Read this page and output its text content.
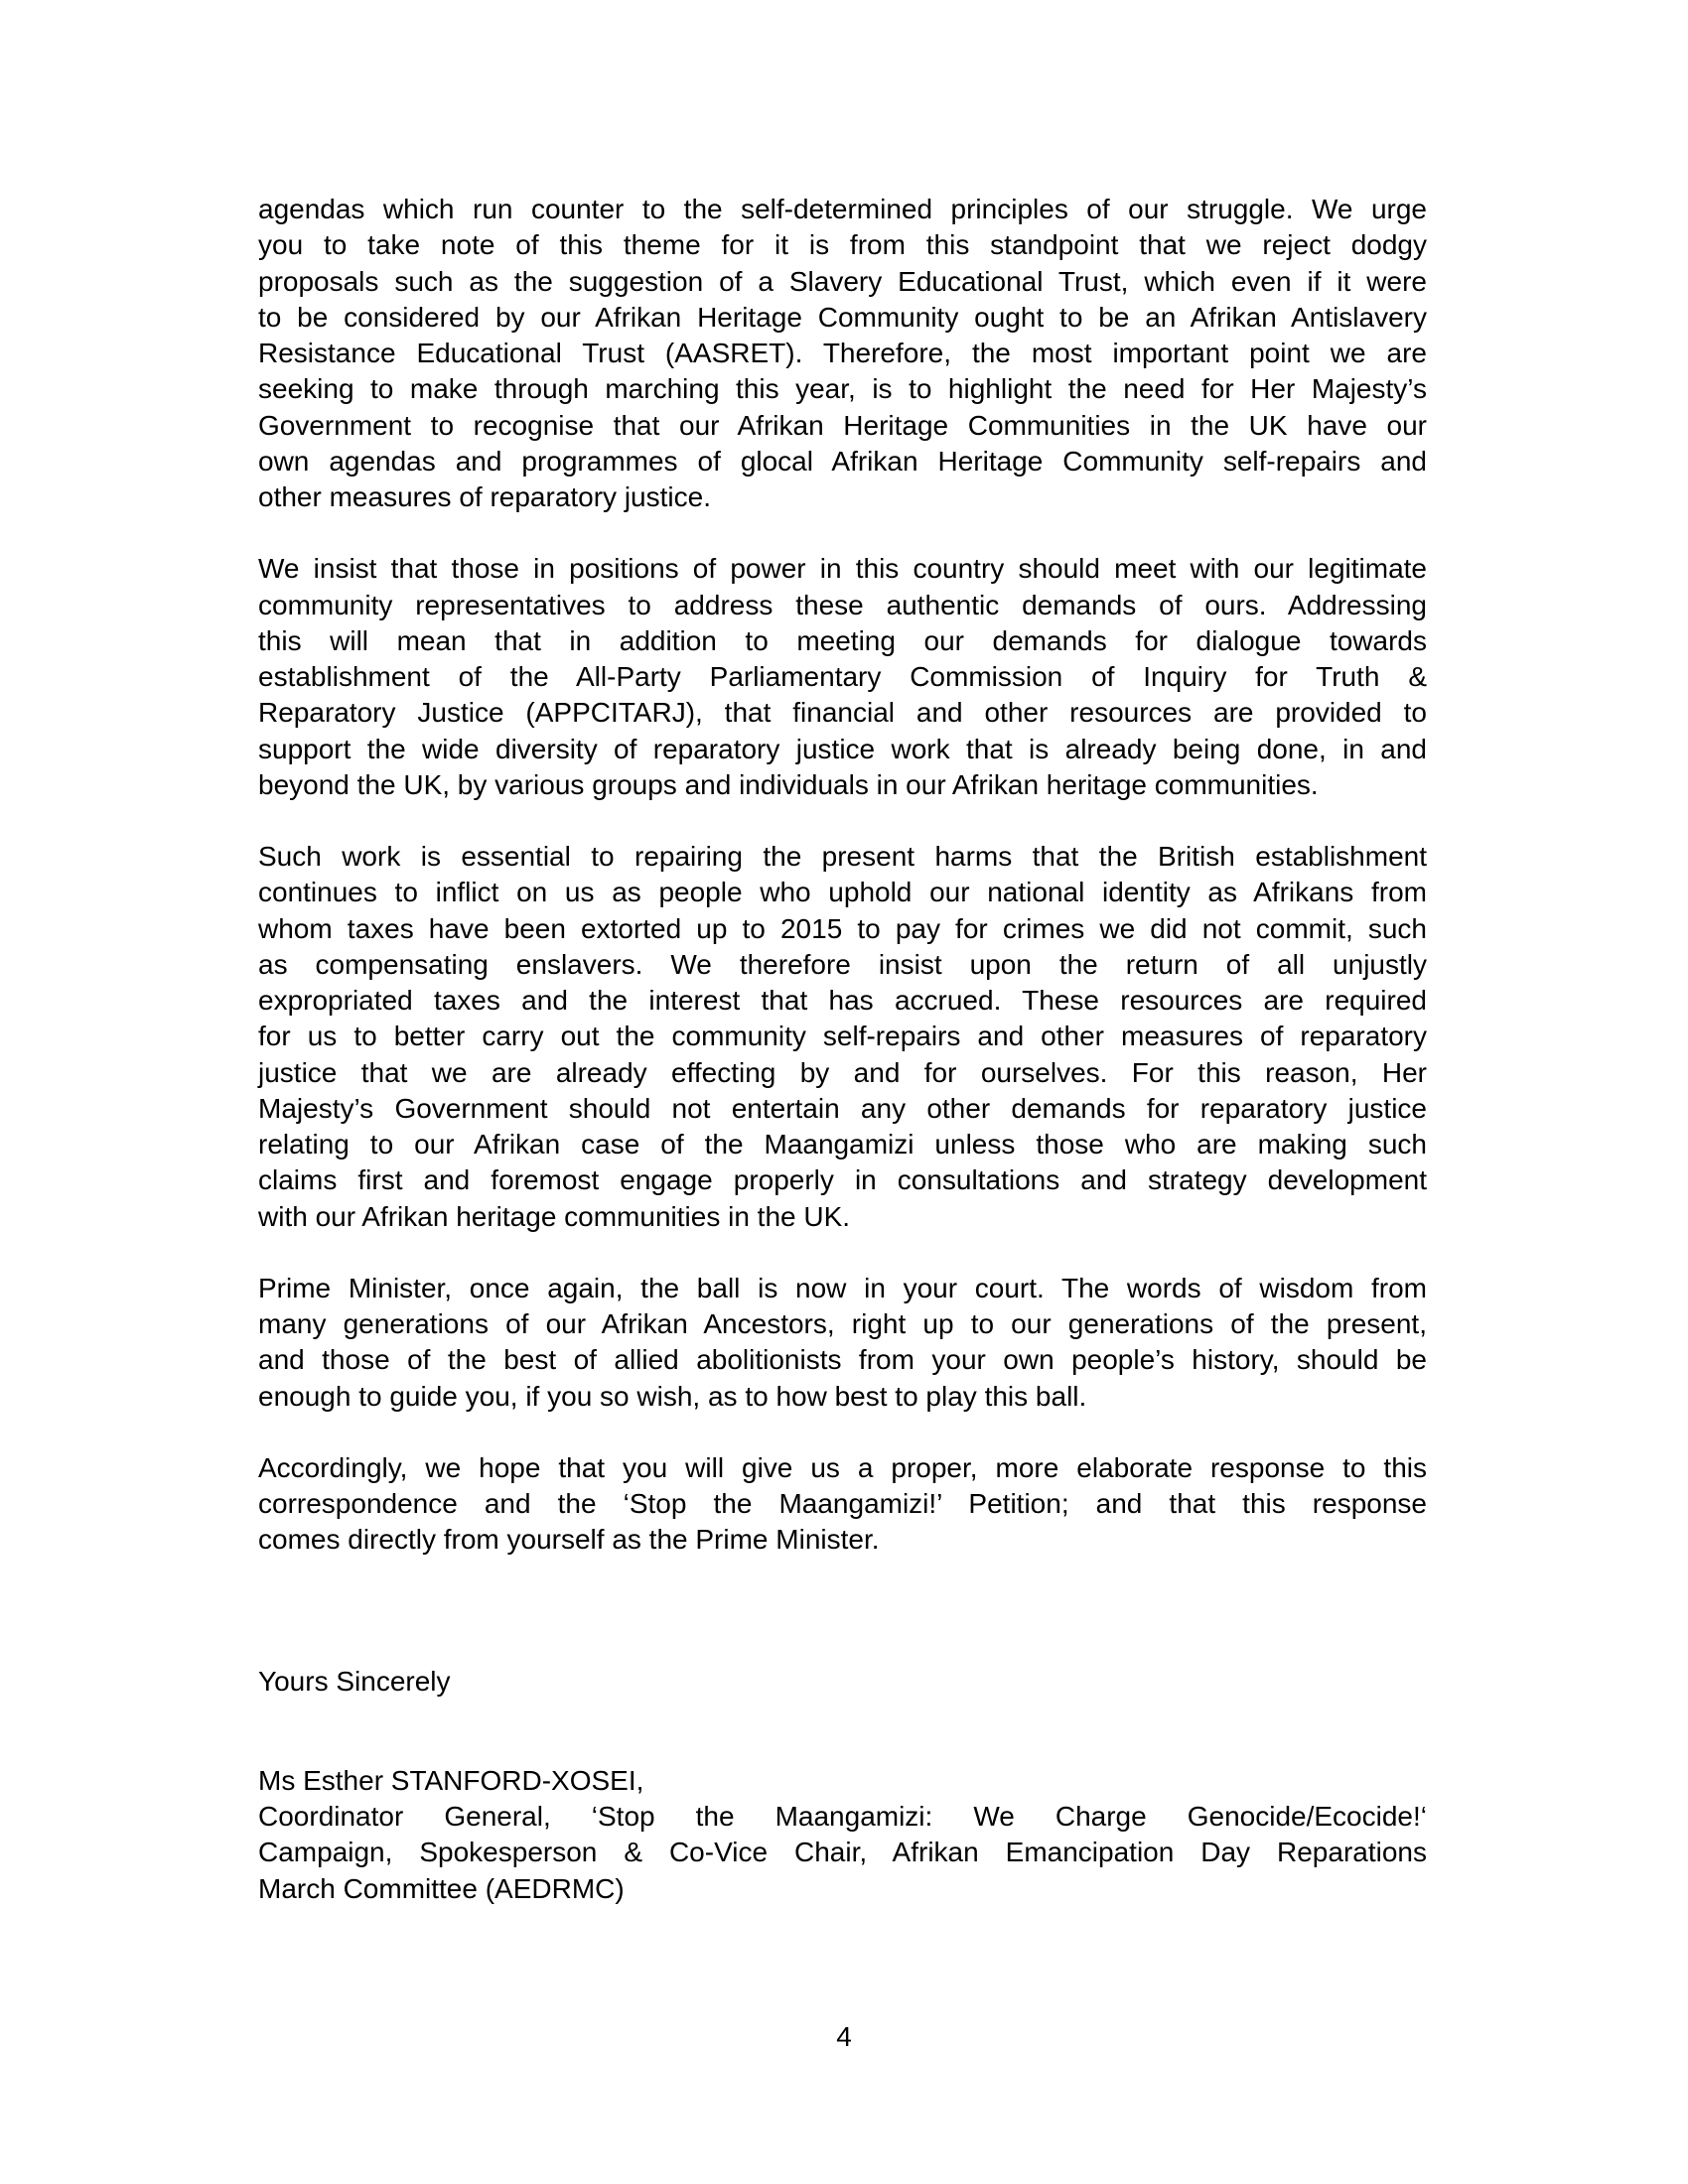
agendas which run counter to the self-determined principles of our struggle. We urge
you to take note of this theme for it is from this standpoint that we reject dodgy
proposals such as the suggestion of a Slavery Educational Trust, which even if it were
to be considered by our Afrikan Heritage Community ought to be an Afrikan Antislavery
Resistance Educational Trust (AASRET). Therefore, the most important point we are
seeking to make through marching this year, is to highlight the need for Her Majesty’s
Government to recognise that our Afrikan Heritage Communities in the UK have our
own agendas and programmes of glocal Afrikan Heritage Community self-repairs and
other measures of reparatory justice.
We insist that those in positions of power in this country should meet with our legitimate
community representatives to address these authentic demands of ours. Addressing
this will mean that in addition to meeting our demands for dialogue towards
establishment of the All-Party Parliamentary Commission of Inquiry for Truth &
Reparatory Justice (APPCITARJ), that financial and other resources are provided to
support the wide diversity of reparatory justice work that is already being done, in and
beyond the UK, by various groups and individuals in our Afrikan heritage communities.
Such work is essential to repairing the present harms that the British establishment
continues to inflict on us as people who uphold our national identity as Afrikans from
whom taxes have been extorted up to 2015 to pay for crimes we did not commit, such
as compensating enslavers. We therefore insist upon the return of all unjustly
expropriated taxes and the interest that has accrued. These resources are required
for us to better carry out the community self-repairs and other measures of reparatory
justice that we are already effecting by and for ourselves. For this reason, Her
Majesty’s Government should not entertain any other demands for reparatory justice
relating to our Afrikan case of the Maangamizi unless those who are making such
claims first and foremost engage properly in consultations and strategy development
with our Afrikan heritage communities in the UK.
Prime Minister, once again, the ball is now in your court. The words of wisdom from
many generations of our Afrikan Ancestors, right up to our generations of the present,
and those of the best of allied abolitionists from your own people’s history, should be
enough to guide you, if you so wish, as to how best to play this ball.
Accordingly, we hope that you will give us a proper, more elaborate response to this
correspondence and the ‘Stop the Maangamizi!’ Petition; and that this response
comes directly from yourself as the Prime Minister.
Yours Sincerely
Ms Esther STANFORD-XOSEI,
Coordinator General, ‘Stop the Maangamizi: We Charge Genocide/Ecocide!‘
Campaign, Spokesperson & Co-Vice Chair, Afrikan Emancipation Day Reparations
March Committee (AEDRMC)
4
